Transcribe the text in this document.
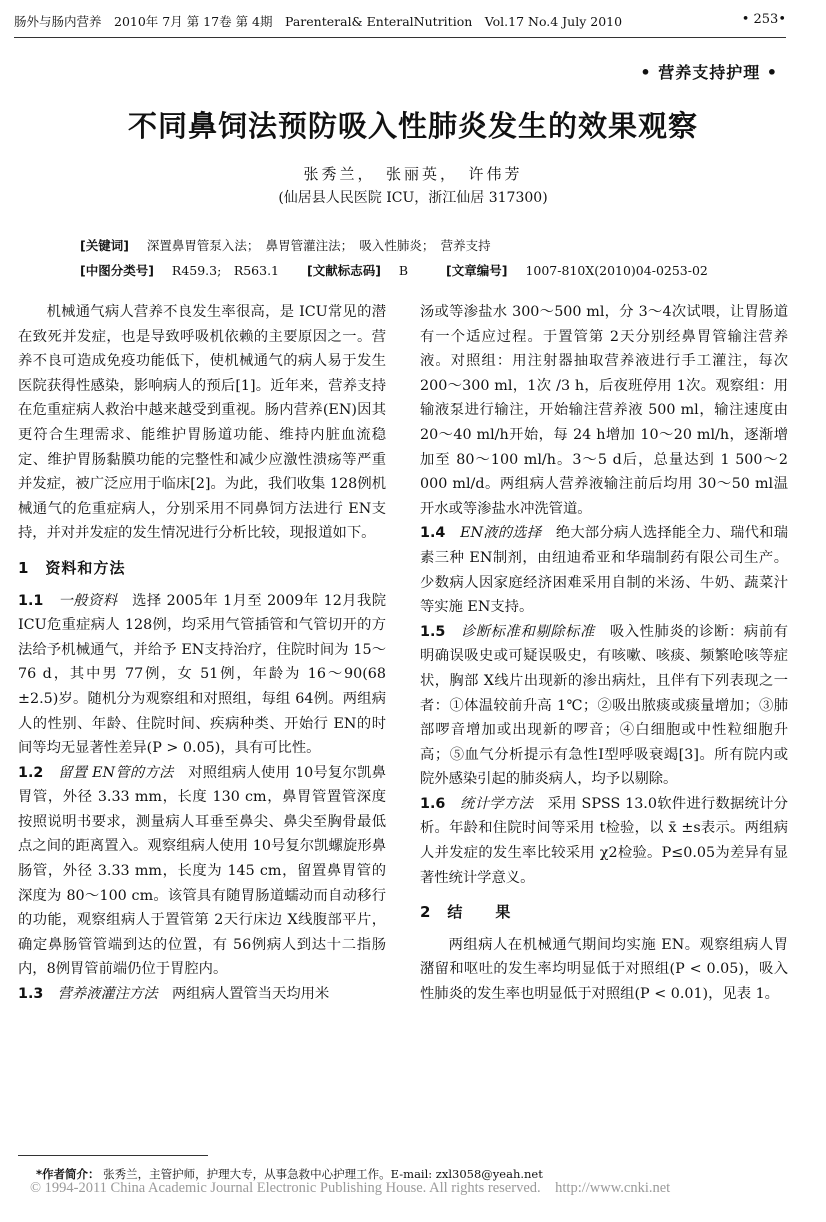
肠外与肠内营养　2010年 7月 第 17卷 第 4期　Parenteral& EnteralNutrition　Vol.17 No.4 July 2010	• 253•
• 营养支持护理 •
不同鼻饲法预防吸入性肺炎发生的效果观察
张秀兰，　张丽英，　许伟芳
(仙居县人民医院 ICU，浙江仙居 317300)
[关键词] 深置鼻胃管泵入法；　鼻胃管灌注法；　吸入性肺炎；　营养支持
[中图分类号] R459.3;　R563.1 [文献标志码] B	[文章编号] 1007-810X(2010)04-0253-02

机械通气病人营养不良发生率很高，是 ICU常见的潜在致死并发症，也是导致呼吸机依赖的主要原因之一。营养不良可造成免疫功能低下，使机械通气的病人易于发生医院获得性感染，影响病人的预后[1]。近年来，营养支持在危重症病人救治中越来越受到重视。肠内营养(EN)因其更符合生理需求、能维护胃肠道功能、维持内脏血流稳定、维护胃肠黏膜功能的完整性和减少应激性溃疡等严重并发症，被广泛应用于临床[2]。为此，我们收集 128例机械通气的危重症病人，分别采用不同鼻饲方法进行 EN支持，并对并发症的发生情况进行分析比较，现报道如下。

1　资料和方法

1.1　 一般资料　 选择 2005年 1月至 2009年 12月我院 ICU危重症病人 128例，均采用气管插管和气管切开的方法给予机械通气，并给予 EN支持治疗，住院时间为 15～76 d，其中男 77例，女 51例，年龄为 16～90(68 ±2.5)岁。随机分为观察组和对照组，每组 64例。两组病人的性别、年龄、住院时间、疾病种类、开始行 EN的时间等均无显著性差异(P > 0.05)，具有可比性。

1.2　 留置 EN管的方法　 对照组病人使用 10号复尔凯鼻胃管，外径 3.33 mm，长度 130 cm，鼻胃管置管深度按照说明书要求，测量病人耳垂至鼻尖、鼻尖至胸骨最低点之间的距离置入。观察组病人使用 10号复尔凯螺旋形鼻肠管，外径 3.33 mm，长度为 145 cm，留置鼻胃管的深度为 80～100 cm。该管具有随胃肠道蠕动而自动移行的功能，观察组病人于置管第 2天行床边 X线腹部平片，确定鼻肠管管端到达的位置，有 56例病人到达十二指肠内，8例胃管前端仍位于胃腔内。

1.3　 营养液灌注方法　 两组病人置管当天均用米

汤或等渗盐水 300～500 ml，分 3～4次试喂，让胃肠道有一个适应过程。于置管第 2天分别经鼻胃管输注营养液。对照组：用注射器抽取营养液进行手工灌注，每次 200～300 ml，1次 /3 h，后夜班停用 1次。观察组：用输液泵进行输注，开始输注营养液 500 ml，输注速度由 20～40 ml/h开始，每 24 h增加 10～20 ml/h，逐渐增加至 80～100 ml/h。3～5 d后，总量达到 1 500～2 000 ml/d。两组病人营养液输注前后均用 30～50 ml温开水或等渗盐水冲洗管道。

1.4　 EN液的选择　 绝大部分病人选择能全力、瑞代和瑞素三种 EN制剂，由纽迪希亚和华瑞制药有限公司生产。少数病人因家庭经济困难采用自制的米汤、牛奶、蔬菜汁等实施 EN支持。

1.5　 诊断标准和剔除标准　 吸入性肺炎的诊断：病前有明确误吸史或可疑误吸史，有咳嗽、咳痰、频繁呛咳等症状，胸部 X线片出现新的渗出病灶，且伴有下列表现之一者：①体温较前升高 1℃；②吸出脓痰或痰量增加；③肺部啰音增加或出现新的啰音；④白细胞或中性粒细胞升高；⑤血气分析提示有急性Ⅰ型呼吸衰竭[3]。所有院内或院外感染引起的肺炎病人，均予以剔除。

1.6　 统计学方法　 采用 SPSS 13.0软件进行数据统计分析。年龄和住院时间等采用 t检验，以 x̄ ±s表示。两组病人并发症的发生率比较采用 χ2检验。P≤0.05为差异有显著性统计学意义。

2　结　　果

两组病人在机械通气期间均实施 EN。观察组病人胃潴留和呕吐的发生率均明显低于对照组(P < 0.05)，吸入性肺炎的发生率也明显低于对照组(P < 0.01)，见表 1。

*作者简介： 张秀兰，主管护师，护理大专，从事急救中心护理工作。E-mail: zxl3058@yeah.net
© 1994-2011 China Academic Journal Electronic Publishing House. All rights reserved.　http://www.cnki.net
